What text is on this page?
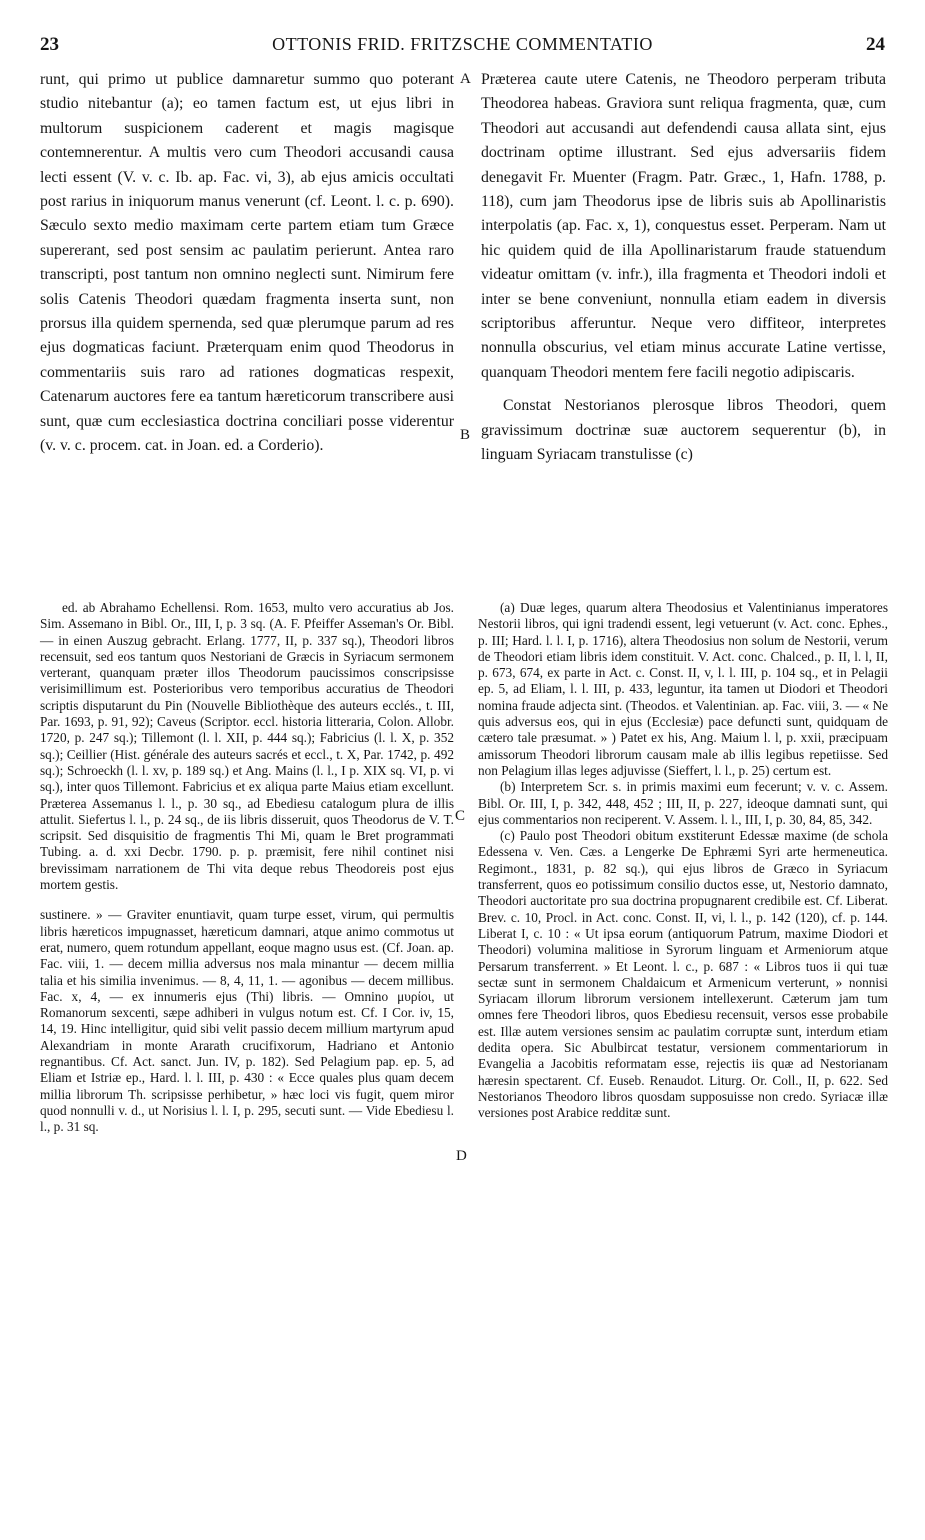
23	OTTONIS FRID. FRITZSCHE COMMENTATIO	24

runt, qui primo ut publice damnaretur summo quo poterant studio nitebantur (a); eo tamen factum est, ut ejus libri in multorum suspicionem caderent et magis magisque contemnerentur. A multis vero cum Theodori accusandi causa lecti essent (V. v. c. Ib. ap. Fac. vi, 3), ab ejus amicis occultati post rarius in iniquorum manus venerunt (cf. Leont. l. c. p. 690). Sæculo sexto medio maximam certe partem etiam tum Græce supererant, sed post sensim ac paulatim perierunt. Antea raro transcripti, post tantum non omnino neglecti sunt. Nimirum fere solis Catenis Theodori quædam fragmenta inserta sunt, non prorsus illa quidem spernenda, sed quæ plerumque parum ad res ejus dogmaticas faciunt. Præterquam enim quod Theodorus in commentariis suis raro ad rationes dogmaticas respexit, Catenarum auctores fere ea tantum hæreticorum transcribere ausi sunt, quæ cum ecclesiastica doctrina conciliari posse viderentur (v. v. c. procem. cat. in Joan. ed. a Corderio).

A Præterea caute utere Catenis, ne Theodoro perperam tributa Theodorea habeas. Graviora sunt reliqua fragmenta, quæ, cum Theodori aut accusandi aut defendendi causa allata sint, ejus doctrinam optime illustrant. Sed ejus adversariis fidem denegavit Fr. Muenter (Fragm. Patr. Græc., 1, Hafn. 1788, p. 118), cum jam Theodorus ipse de libris suis ab Apollinaristis interpolatis (ap. Fac. x, 1), conquestus esset. Perperam. Nam ut hic quidem quid de illa Apollinaristarum fraude statuendum videatur omittam (v. infr.), illa fragmenta et Theodori indoli et inter se bene conveniunt, nonnulla etiam eadem in diversis scriptoribus afferuntur. Neque vero diffiteor, interpretes nonnulla obscurius, vel etiam minus accurate Latine vertisse, quanquam Theodori mentem fere facili negotio adipiscaris.

Constat Nestorianos plerosque libros Theodori, quem gravissimum doctrinæ suæ auctorem sequerentur (b), in linguam Syriacam transtulisse (c)

B

ed. ab Abrahamo Echellensi. Rom. 1653, multo vero accuratius ab Jos. Sim. Assemano in Bibl. Or., III, I, p. 3 sq. (A. F. Pfeiffer Asseman's Or. Bibl. — in einen Auszug gebracht. Erlang. 1777, II, p. 337 sq.), Theodori libros recensuit, sed eos tantum quos Nestoriani de Græcis in Syriacum sermonem verterant, quanquam præter illos Theodorum paucissimos conscripsisse verisimillimum est. Posterioribus vero temporibus accuratius de Theodori scriptis disputarunt du Pin (Nouvelle Bibliothèque des auteurs ecclés., t. III, Par. 1693, p. 91, 92); Caveus (Scriptor. eccl. historia litteraria, Colon. Allobr. 1720, p. 247 sq.); Tillemont (l. l. XII, p. 444 sq.); Fabricius (l. l. X, p. 352 sq.); Ceillier (Hist. générale des auteurs sacrés et eccl., t. X, Par. 1742, p. 492 sq.); Schroeckh (l. l. xv, p. 189 sq.) et Ang. Mains (l. l., I p. XIX sq. VI, p. vi sq.), inter quos Tillemont. Fabricius et ex aliqua parte Maius etiam excellunt. Præterea Assemanus l. l., p. 30 sq., ad Ebediesu catalogum plura de illis attulit. Siefertus l. l., p. 24 sq., de iis libris disseruit, quos Theodorus de V. T. scripsit. Sed disquisitio de fragmentis Thi Mi, quam le Bret programmati Tubing. a. d. xxi Decbr. 1790. p. p. præmisit, fere nihil continet nisi brevissimam narrationem de Thi vita deque rebus Theodoreis post ejus mortem gestis.

sustinere. » — Graviter enuntiavit, quam turpe esset, virum, qui permultis libris hæreticos impugnasset, hæreticum damnari, atque animo commotus ut erat, numero, quem rotundum appellant, eoque magno usus est. (Cf. Joan. ap. Fac. viii, 1. — decem millia adversus nos mala minantur — decem millia talia et his similia invenimus. — 8, 4, 11, 1. — agonibus — decem millibus. Fac. x, 4, — ex innumeris ejus (Thi) libris. — Omnino μυρίοι, ut Romanorum sexcenti, sæpe adhiberi in vulgus notum est. Cf. I Cor. iv, 15, 14, 19. Hinc intelligitur, quid sibi velit passio decem millium martyrum apud Alexandriam in monte Ararath crucifixorum, Hadriano et Antonio regnantibus. Cf. Act. sanct. Jun. IV, p. 182). Sed Pelagium pap. ep. 5, ad Eliam et Istriæ ep., Hard. l. l. III, p. 430 : « Ecce quales plus quam decem millia librorum Th. scripsisse perhibetur, » hæc loci vis fugit, quem miror quod nonnulli v. d., ut Norisius l. l. I, p. 295, secuti sunt. — Vide Ebediesu l. l., p. 31 sq.

C
D

(a) Duæ leges, quarum altera Theodosius et Valentinianus imperatores Nestorii libros, qui igni tradendi essent, legi vetuerunt (v. Act. conc. Ephes., p. III; Hard. l. l. I, p. 1716), altera Theodosius non solum de Nestorii, verum de Theodori etiam libris idem constituit. V. Act. conc. Chalced., p. II, l. l, II, p. 673, 674, ex parte in Act. c. Const. II, v, l. l. III, p. 104 sq., et in Pelagii ep. 5, ad Eliam, l. l. III, p. 433, leguntur, ita tamen ut Diodori et Theodori nomina fraude adjecta sint. (Theodos. et Valentinian. ap. Fac. viii, 3. — « Ne quis adversus eos, qui in ejus (Ecclesiæ) pace defuncti sunt, quidquam de cætero tale præsumat. » ) Patet ex his, Ang. Maium l. l, p. xxii, præcipuam amissorum Theodori librorum causam male ab illis legibus repetiisse. Sed non Pelagium illas leges adjuvisse (Sieffert, l. l., p. 25) certum est.

(b) Interpretem Scr. s. in primis maximi eum fecerunt; v. v. c. Assem. Bibl. Or. III, I, p. 342, 448, 452 ; III, II, p. 227, ideoque damnati sunt, qui ejus commentarios non reciperent. V. Assem. l. l., III, I, p. 30, 84, 85, 342.

(c) Paulo post Theodori obitum exstiterunt Edessæ maxime (de schola Edessena v. Ven. Cæs. a Lengerke De Ephræmi Syri arte hermeneutica. Regimont., 1831, p. 82 sq.), qui ejus libros de Græco in Syriacum transferrent, quos eo potissimum consilio ductos esse, ut, Nestorio damnato, Theodori auctoritate pro sua doctrina propugnarent credibile est. Cf. Liberat. Brev. c. 10, Procl. in Act. conc. Const. II, vi, l. l., p. 142 (120), cf. p. 144. Liberat I, c. 10 : « Ut ipsa eorum (antiquorum Patrum, maxime Diodori et Theodori) volumina malitiose in Syrorum linguam et Armeniorum atque Persarum transferrent. » Et Leont. l. c., p. 687 : « Libros tuos ii qui tuæ sectæ sunt in sermonem Chaldaicum et Armenicum verterunt, » nonnisi Syriacam illorum librorum versionem intellexerunt. Cæterum jam tum omnes fere Theodori libros, quos Ebediesu recensuit, versos esse probabile est. Illæ autem versiones sensim ac paulatim corruptæ sunt, interdum etiam dedita opera. Sic Abulbircat testatur, versionem commentariorum in Evangelia a Jacobitis reformatam esse, rejectis iis quæ ad Nestorianam hæresin spectarent. Cf. Euseb. Renaudot. Liturg. Or. Coll., II, p. 622. Sed Nestorianos Theodoro libros quosdam supposuisse non credo. Syriacæ illæ versiones post Arabice redditæ sunt.
